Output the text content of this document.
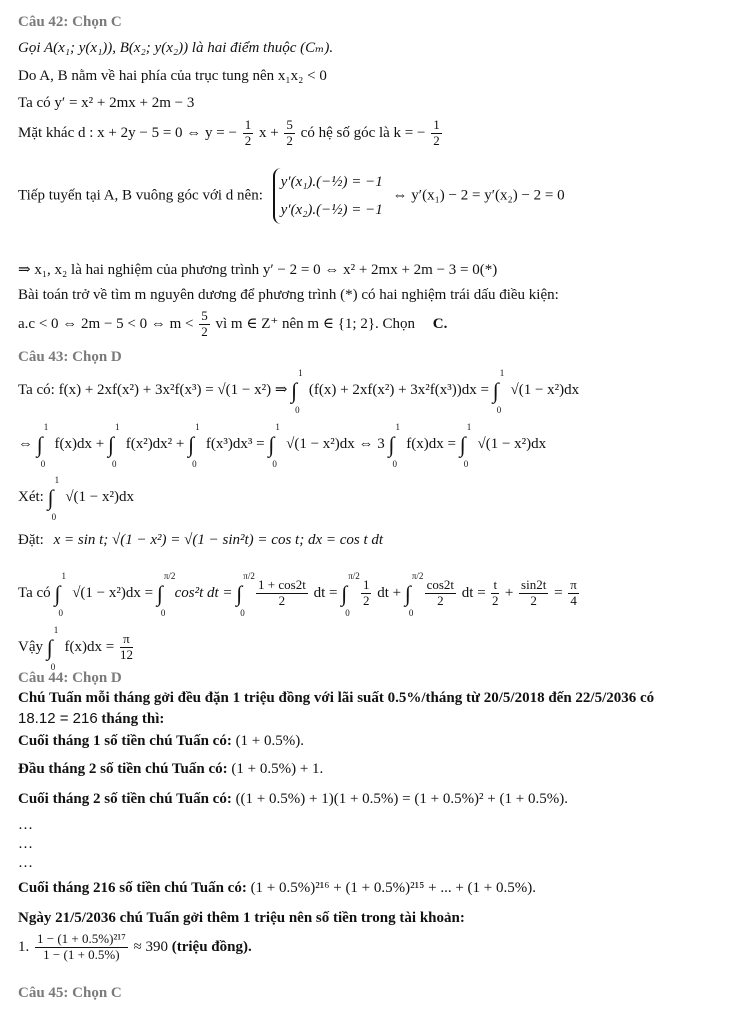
Câu 42: Chọn C
Gọi A(x₁; y(x₁)), B(x₂; y(x₂)) là hai điểm thuộc (Cₘ).
Do A, B nằm về hai phía của trục tung nên x₁x₂ < 0
Ta có y′ = x² + 2mx + 2m − 3
Mặt khác d : x + 2y − 5 = 0 ⇔ y = − $\frac{1}{2}$ $x + \frac{5}{2}$ có hệ số góc là k = − $\frac{1}{2}$
Tiếp tuyến tại A, B vuông góc với d nên:
y′(x₁).(−½) = −1
y′(x₂).(−½) = −1
⇔ y′(x₁) − 2 = y′(x₂) − 2 = 0
⇒ x₁, x₂ là hai nghiệm của phương trình y′ − 2 = 0 ⇔ x² + 2mx + 2m − 3 = 0(*)
Bài toán trở về tìm m nguyên dương để phương trình (*) có hai nghiệm trái dấu điều kiện:
a.c < 0 ⇔ 2m − 5 < 0 ⇔ $m < \frac{5}{2}$ vì m ∈ Z⁺ nên m ∈ {1; 2}. Chọn C.
Câu 43: Chọn D
Ta có: f(x) + 2xf(x²) + 3x²f(x³) = √(1 − x²) ⇒ ∫
1
0
(f(x) + 2xf(x²) + 3x²f(x³))dx = ∫
1
0
√(1 − x²)dx
⇔ ∫
1
0
f(x)dx + ∫
1
0
f(x²)dx² + ∫
1
0
f(x³)dx³ = ∫
1
0
√(1 − x²)dx ⇔ 3 ∫
1
0
f(x)dx = ∫
1
0
√(1 − x²)dx
Xét: ∫
1
0
√(1 − x²)dx
Đặt: x = sin t; √(1 − x²) = √(1 − sin²t) = cos t; dx = cos t dt
Ta có ∫
1
0
√(1 − x²)dx = ∫
π/2
0
cos²t dt = ∫
π/2
0

$\frac{1 + \cos 2t}{2}$ dt = ∫
π/2
0

$\frac{1}{2}$ dt + ∫
π/2
0

$\frac{\cos 2t}{2}$ dt = $\frac{t}{2} + \frac{\sin 2t}{2} = \frac{\pi}{4}$
Vậy ∫
1
0
$f(x)dx = \frac{\pi}{12}$
Câu 44: Chọn D
Chú Tuấn mỗi tháng gởi đều đặn 1 triệu đồng với lãi suất 0.5%/tháng từ 20/5/2018 đến 22/5/2036 có
18.12 = 216 tháng thì:
Cuối tháng 1 số tiền chú Tuấn có: (1 + 0.5%).
Đầu tháng 2 số tiền chú Tuấn có: (1 + 0.5%) + 1.
Cuối tháng 2 số tiền chú Tuấn có: ((1 + 0.5%) + 1)(1 + 0.5%) = (1 + 0.5%)² + (1 + 0.5%).
…
…
…
Cuối tháng 216 số tiền chú Tuấn có: (1 + 0.5%)²¹⁶ + (1 + 0.5%)²¹⁵ + ... + (1 + 0.5%).
Ngày 21/5/2036 chú Tuấn gởi thêm 1 triệu nên số tiền trong tài khoản:
1. $\frac{\text{1 − (1 + 0.5\%)²¹⁷}}{1 - (1 + 0.5\%)} \approx 390$ (triệu đồng).
Câu 45: Chọn C
